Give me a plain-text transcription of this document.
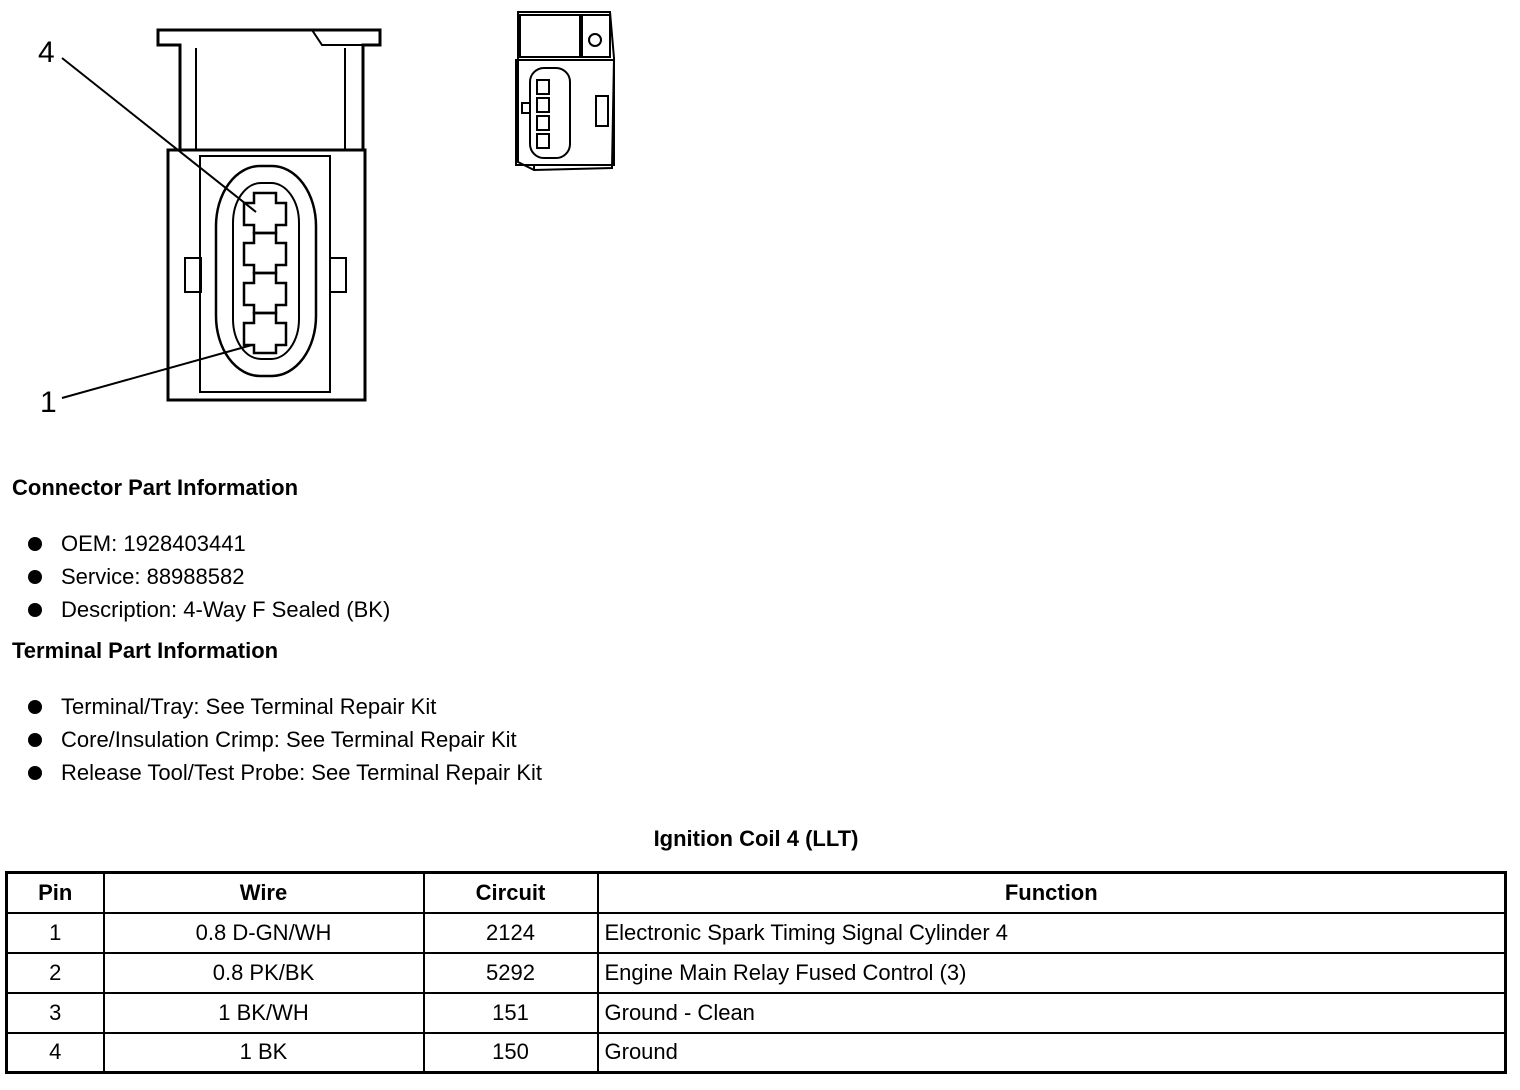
4
1
Connector Part Information
OEM: 1928403441
Service: 88988582
Description: 4-Way F Sealed (BK)
Terminal Part Information
Terminal/Tray: See Terminal Repair Kit
Core/Insulation Crimp: See Terminal Repair Kit
Release Tool/Test Probe: See Terminal Repair Kit
Ignition Coil 4 (LLT)
Pin	Wire	Circuit	Function
1	0.8 D-GN/WH	2124	Electronic Spark Timing Signal Cylinder 4
2	0.8 PK/BK	5292	Engine Main Relay Fused Control (3)
3	1 BK/WH	151	Ground - Clean
4	1 BK	150	Ground
